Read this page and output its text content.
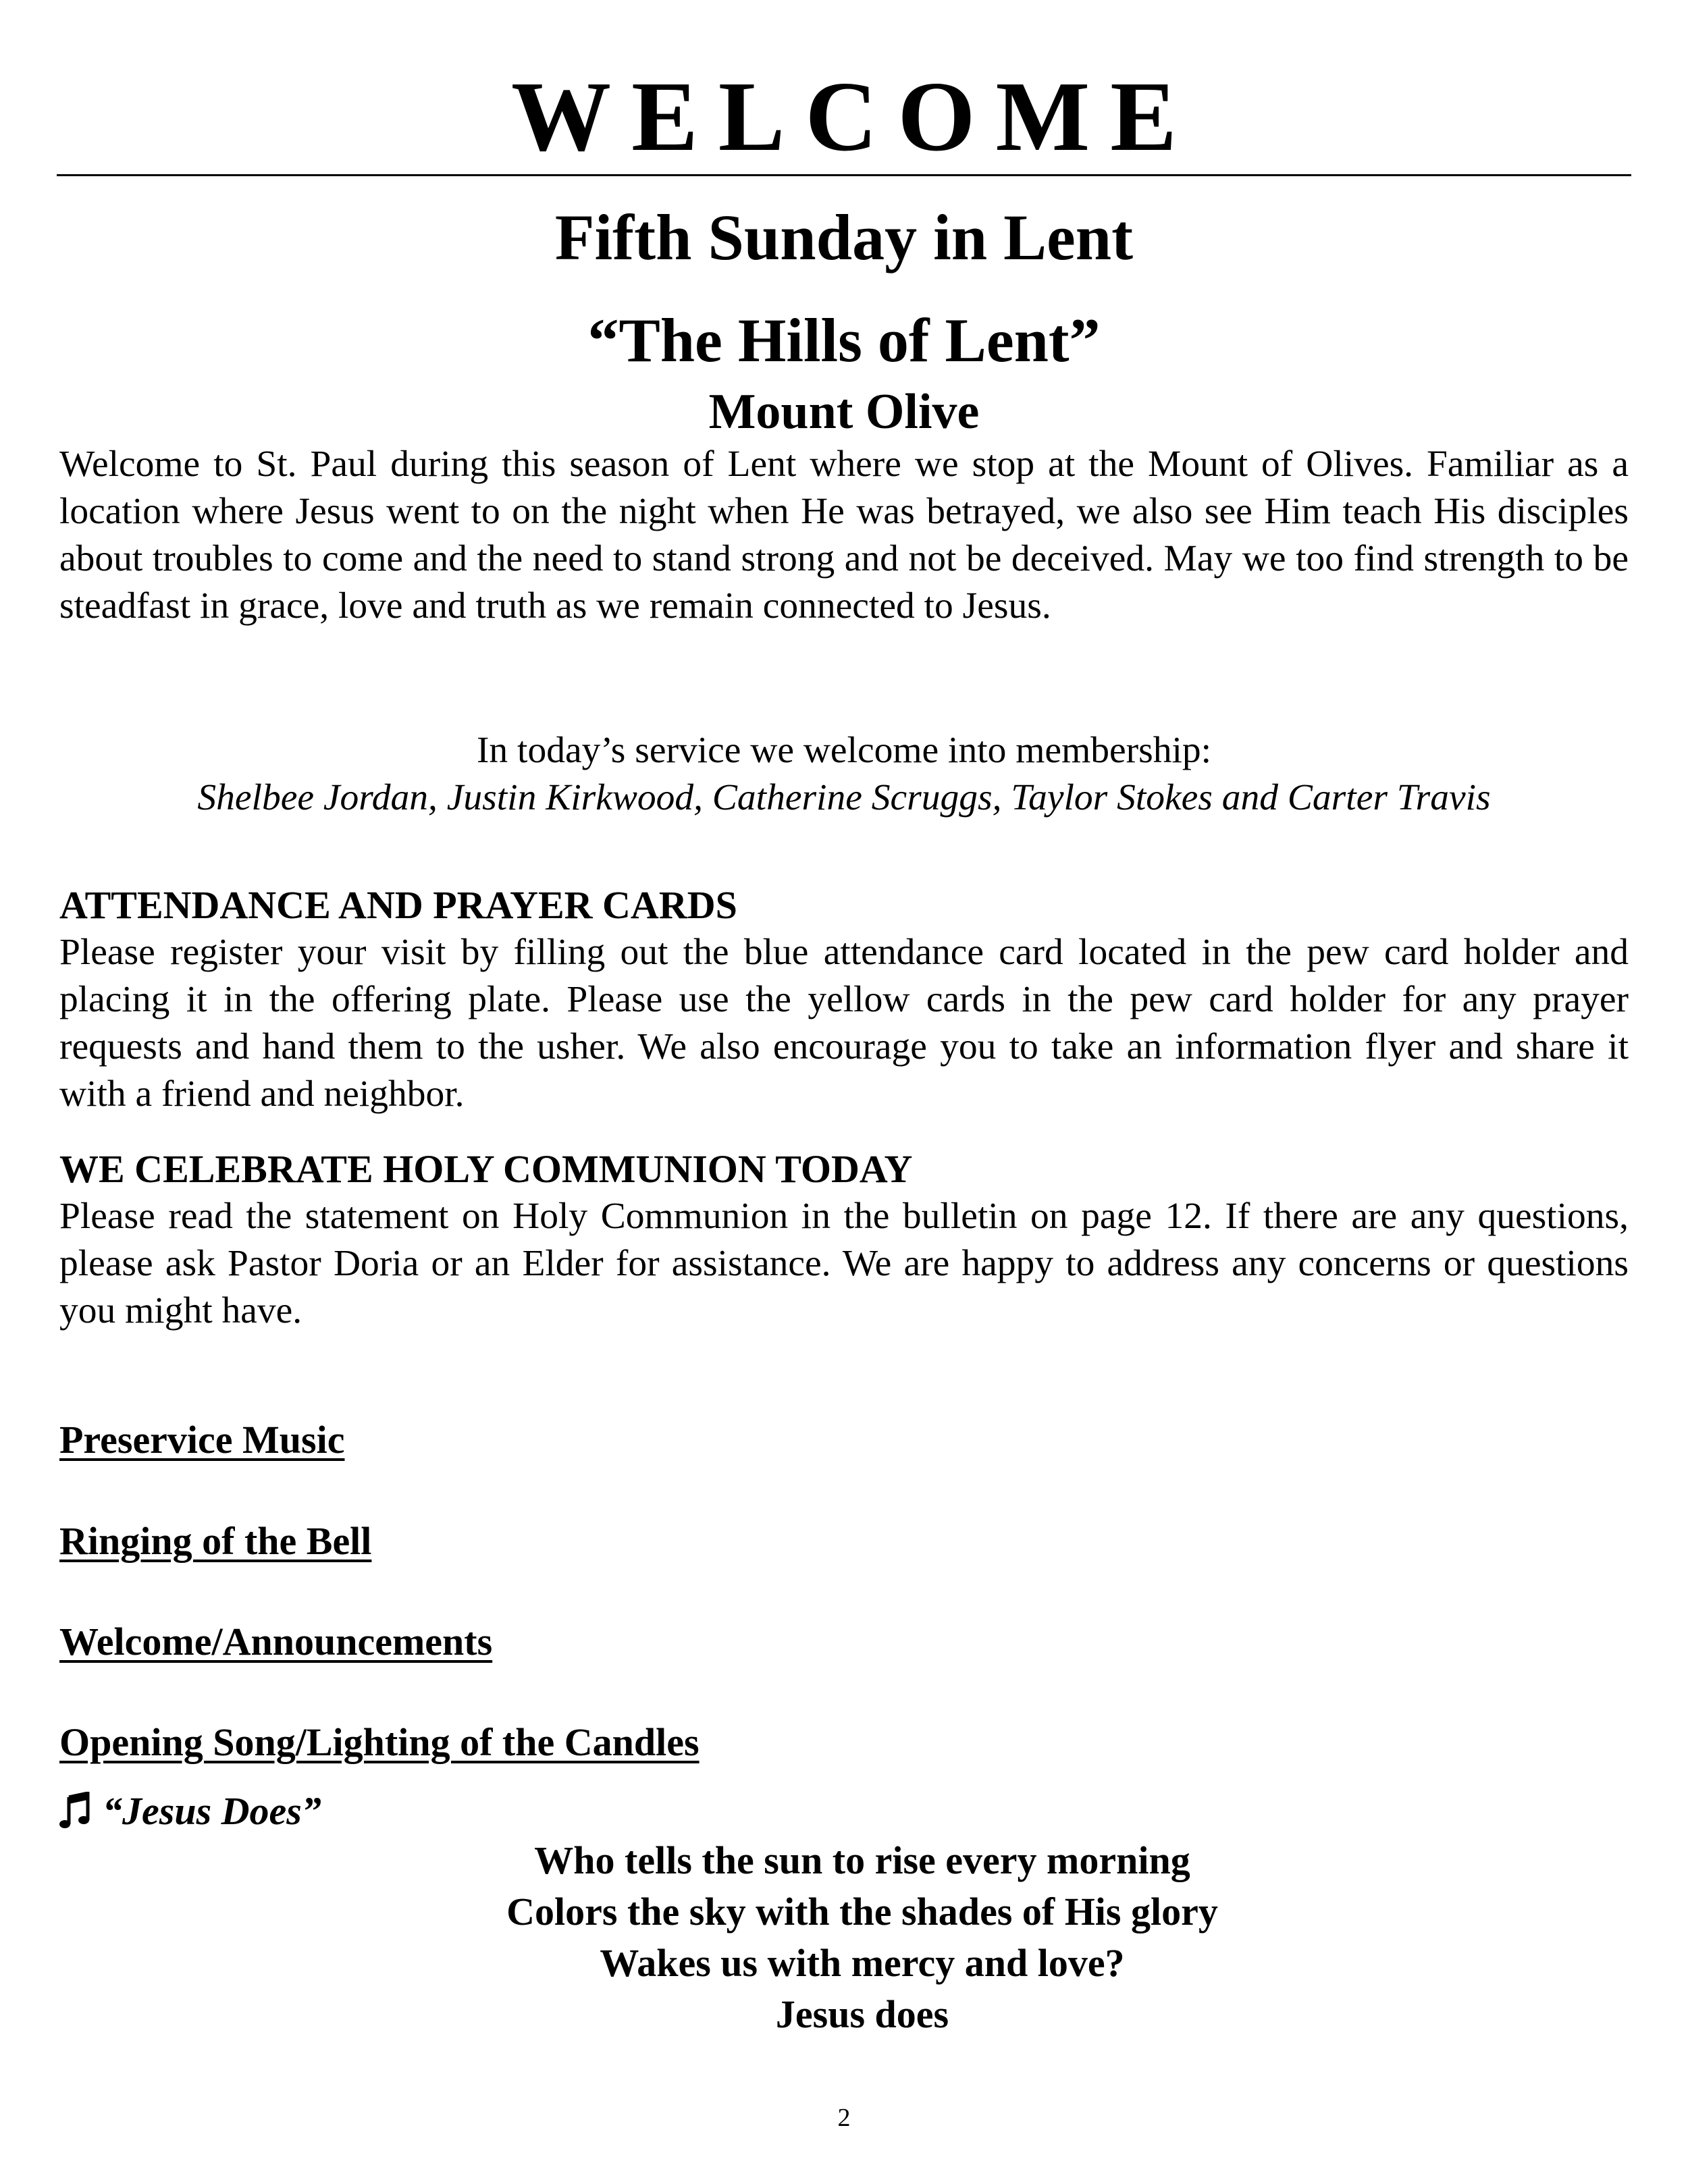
WELCOME
Fifth Sunday in Lent
“The Hills of Lent”
Mount Olive

Welcome to St. Paul during this season of Lent where we stop at the Mount of Olives. Familiar as a location where Jesus went to on the night when He was betrayed, we also see Him teach His disciples about troubles to come and the need to stand strong and not be deceived. May we too find strength to be steadfast in grace, love and truth as we remain connected to Jesus.

In today’s service we welcome into membership:
Shelbee Jordan, Justin Kirkwood, Catherine Scruggs, Taylor Stokes and Carter Travis
ATTENDANCE AND PRAYER CARDS

Please register your visit by filling out the blue attendance card located in the pew card holder and placing it in the offering plate. Please use the yellow cards in the pew card holder for any prayer requests and hand them to the usher. We also encourage you to take an information flyer and share it with a friend and neighbor.

WE CELEBRATE HOLY COMMUNION TODAY

Please read the statement on Holy Communion in the bulletin on page 12. If there are any questions, please ask Pastor Doria or an Elder for assistance. We are happy to address any concerns or questions you might have.

Preservice Music
Ringing of the Bell
Welcome/Announcements
Opening Song/Lighting of the Candles
“Jesus Does”
Who tells the sun to rise every morning
Colors the sky with the shades of His glory
Wakes us with mercy and love?
Jesus does
2
